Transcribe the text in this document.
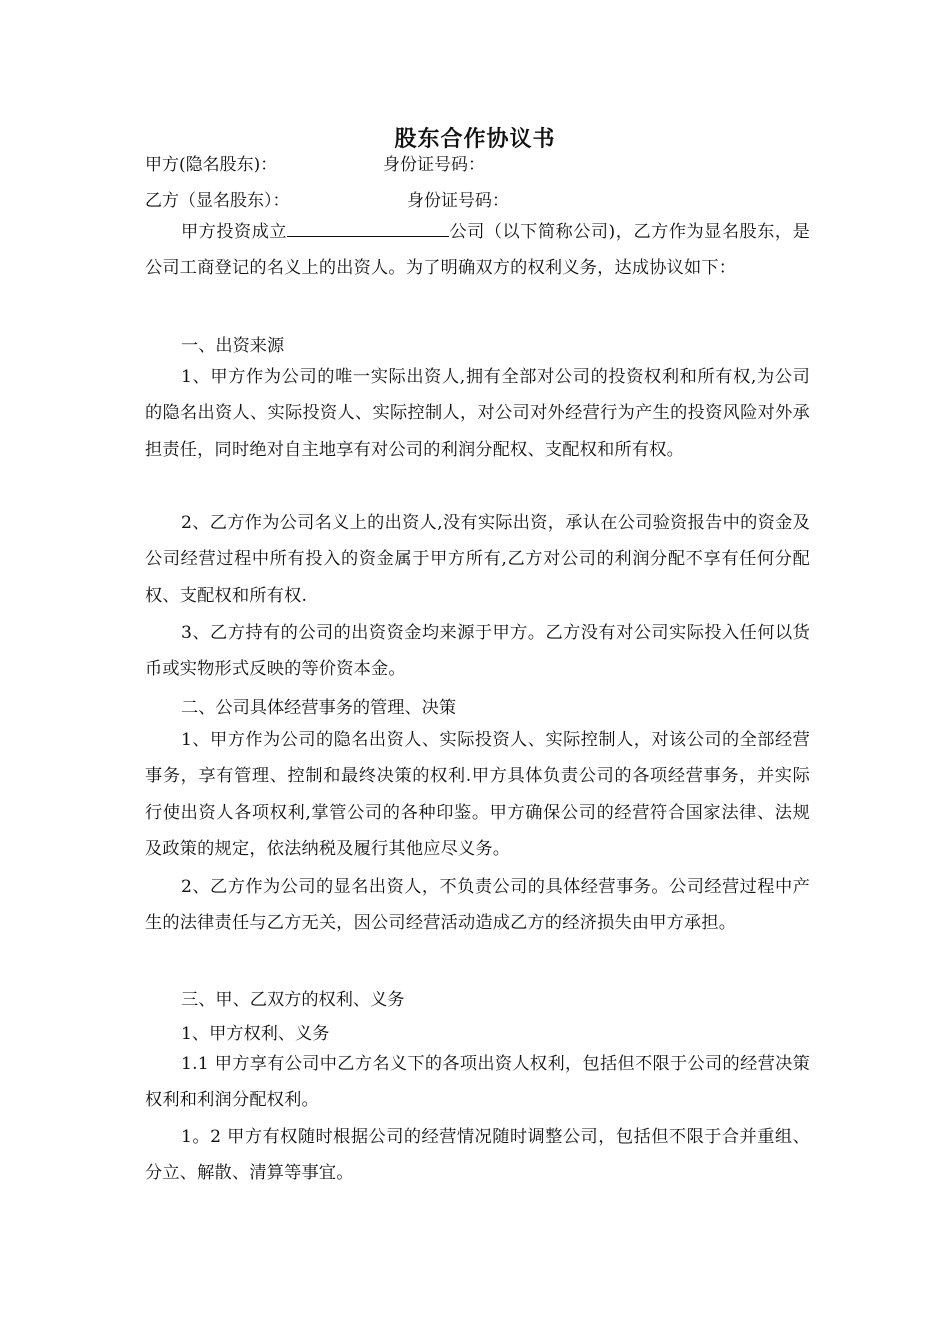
股东合作协议书
甲方(隐名股东)：	身份证号码：
乙方（显名股东）：	身份证号码：
甲方投资成立	公司（以下简称公司)，乙方作为显名股东，是公司工商登记的名义上的出资人。为了明确双方的权利义务，达成协议如下：
一、出资来源
1、甲方作为公司的唯一实际出资人,拥有全部对公司的投资权利和所有权,为公司的隐名出资人、实际投资人、实际控制人，对公司对外经营行为产生的投资风险对外承担责任，同时绝对自主地享有对公司的利润分配权、支配权和所有权。
2、乙方作为公司名义上的出资人,没有实际出资，承认在公司验资报告中的资金及公司经营过程中所有投入的资金属于甲方所有,乙方对公司的利润分配不享有任何分配权、支配权和所有权.
3、乙方持有的公司的出资资金均来源于甲方。乙方没有对公司实际投入任何以货币或实物形式反映的等价资本金。
二、公司具体经营事务的管理、决策
1、甲方作为公司的隐名出资人、实际投资人、实际控制人，对该公司的全部经营事务，享有管理、控制和最终决策的权利.甲方具体负责公司的各项经营事务，并实际行使出资人各项权利,掌管公司的各种印鉴。甲方确保公司的经营符合国家法律、法规及政策的规定，依法纳税及履行其他应尽义务。
2、乙方作为公司的显名出资人，不负责公司的具体经营事务。公司经营过程中产生的法律责任与乙方无关，因公司经营活动造成乙方的经济损失由甲方承担。
三、甲、乙双方的权利、义务
1、甲方权利、义务
1.1 甲方享有公司中乙方名义下的各项出资人权利，包括但不限于公司的经营决策权利和利润分配权利。
1。2 甲方有权随时根据公司的经营情况随时调整公司，包括但不限于合并重组、分立、解散、清算等事宜。
